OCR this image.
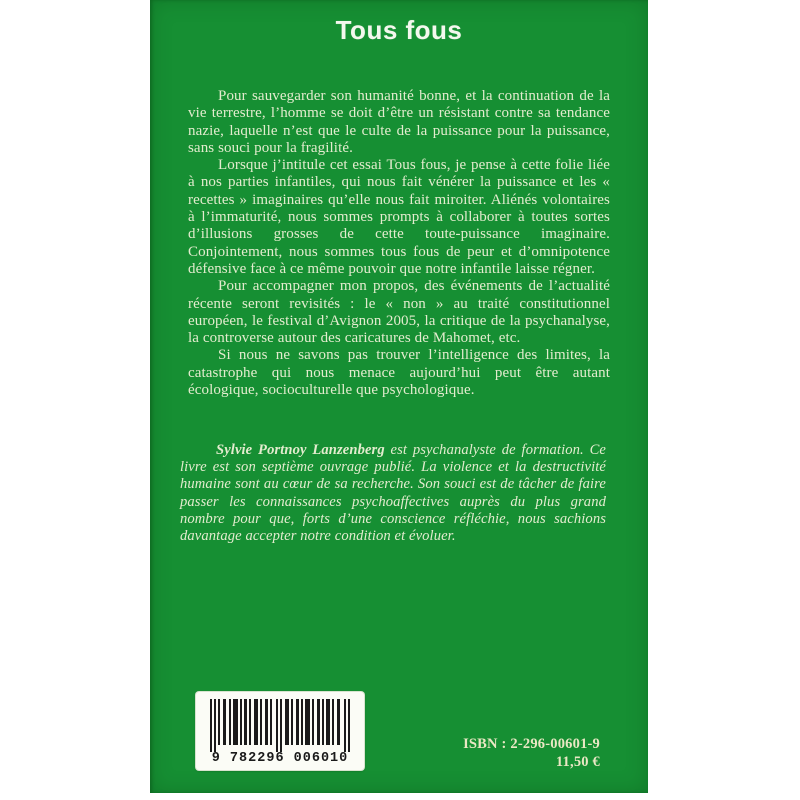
Tous fous

Pour sauvegarder son humanité bonne, et la continuation de la vie terrestre, l’homme se doit d’être un résistant contre sa tendance nazie, laquelle n’est que le culte de la puissance pour la puissance, sans souci pour la fragilité.

Lorsque j’intitule cet essai Tous fous, je pense à cette folie liée à nos parties infantiles, qui nous fait vénérer la puissance et les « recettes » imaginaires qu’elle nous fait miroiter. Aliénés volontaires à l’immaturité, nous sommes prompts à collaborer à toutes sortes d’illusions grosses de cette toute-puissance imaginaire. Conjointement, nous sommes tous fous de peur et d’omnipotence défensive face à ce même pouvoir que notre infantile laisse régner.

Pour accompagner mon propos, des événements de l’actualité récente seront revisités : le « non » au traité constitutionnel européen, le festival d’Avignon 2005, la critique de la psychanalyse, la controverse autour des caricatures de Mahomet, etc.

Si nous ne savons pas trouver l’intelligence des limites, la catastrophe qui nous menace aujourd’hui peut être autant écologique, socioculturelle que psychologique.

Sylvie Portnoy Lanzenberg est psychanalyste de formation. Ce livre est son septième ouvrage publié. La violence et la destructivité humaine sont au cœur de sa recherche. Son souci est de tâcher de faire passer les connaissances psychoaffectives auprès du plus grand nombre pour que, forts d’une conscience réfléchie, nous sachions davantage accepter notre condition et évoluer.

9 782296 006010
ISBN : 2-296-00601-9
11,50 €
